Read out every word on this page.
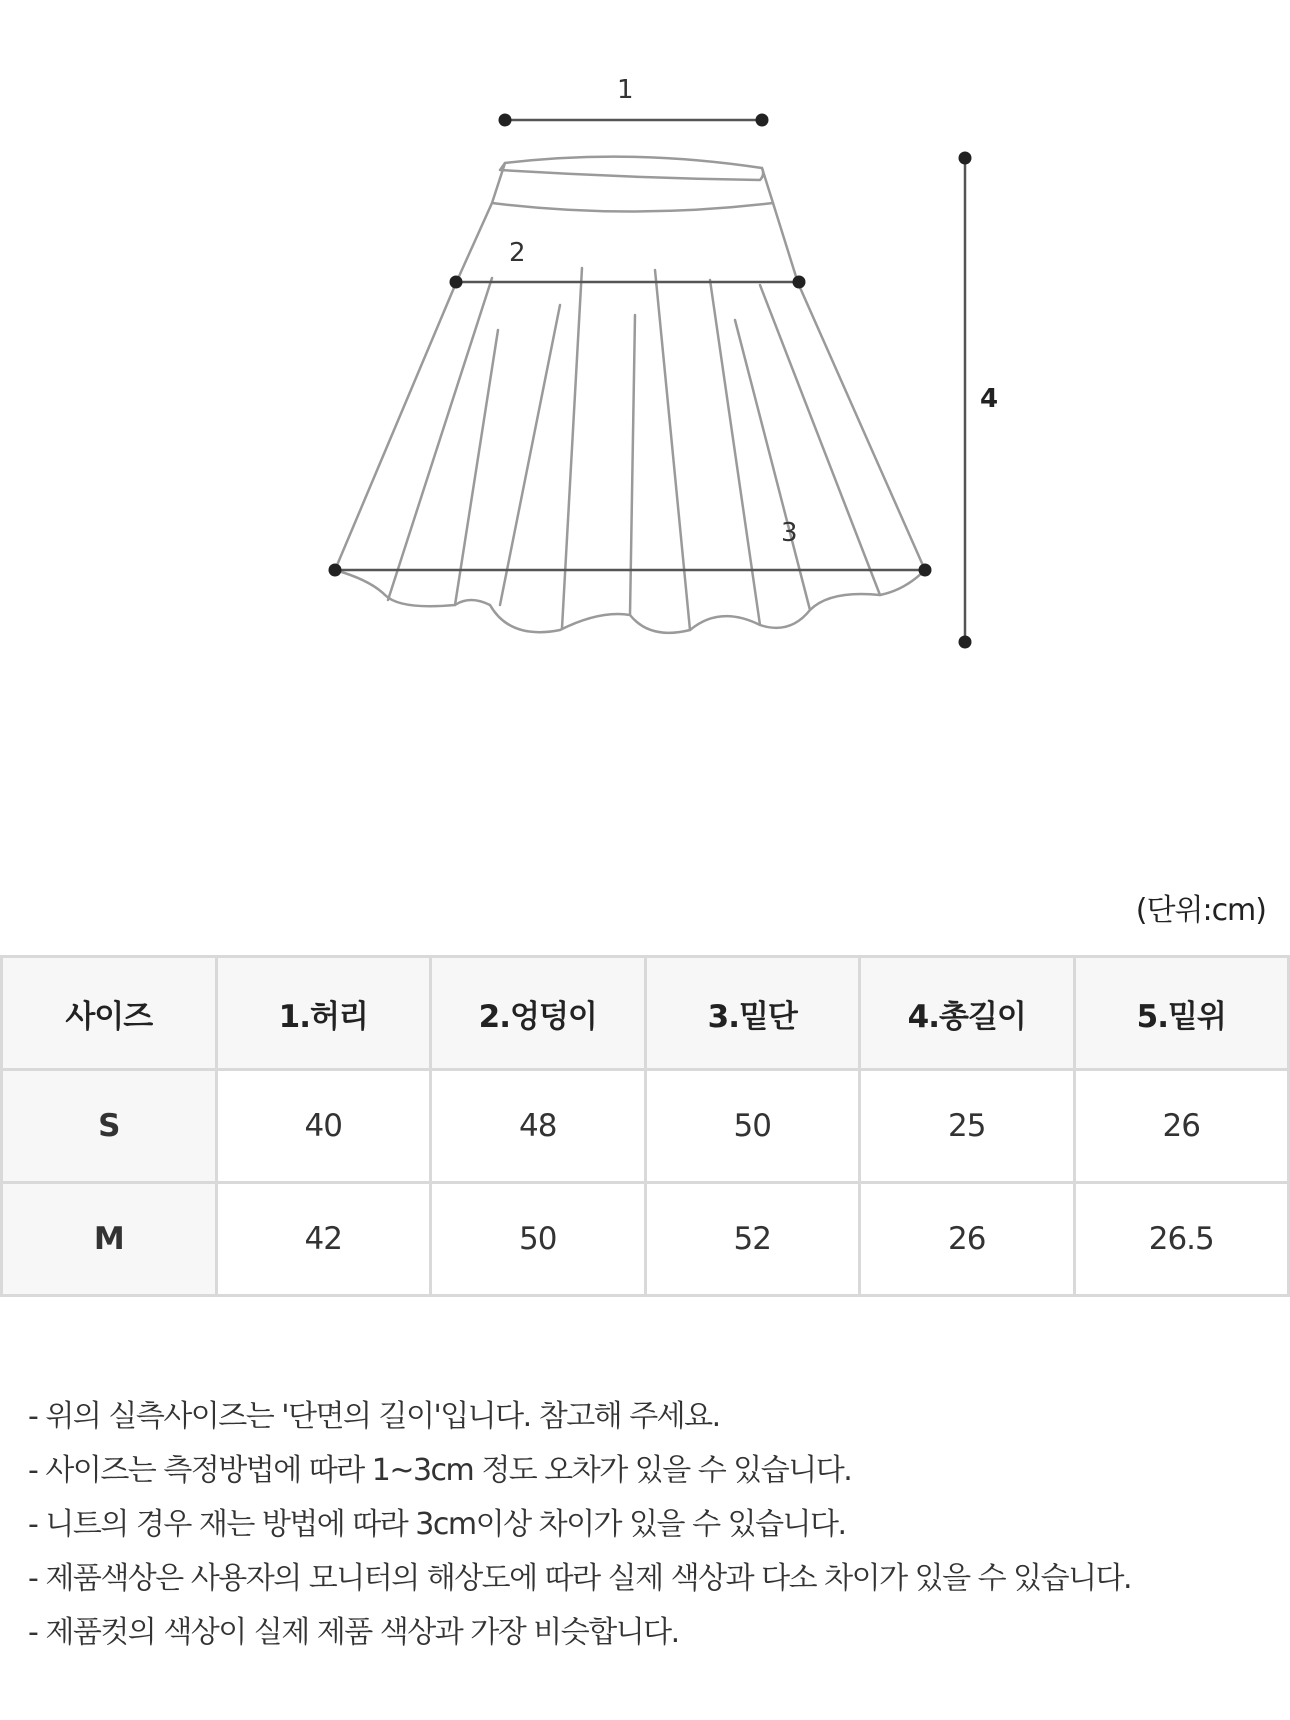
1
2
3
4
(단위:cm)
사이즈	1.허리	2.엉덩이	3.밑단	4.총길이	5.밑위
S	40	48	50	25	26
M	42	50	52	26	26.5
- 위의 실측사이즈는 '단면의 길이'입니다. 참고해 주세요.
- 사이즈는 측정방법에 따라 1~3cm 정도 오차가 있을 수 있습니다.
- 니트의 경우 재는 방법에 따라 3cm이상 차이가 있을 수 있습니다.
- 제품색상은 사용자의 모니터의 해상도에 따라 실제 색상과 다소 차이가 있을 수 있습니다.
- 제품컷의 색상이 실제 제품 색상과 가장 비슷합니다.
